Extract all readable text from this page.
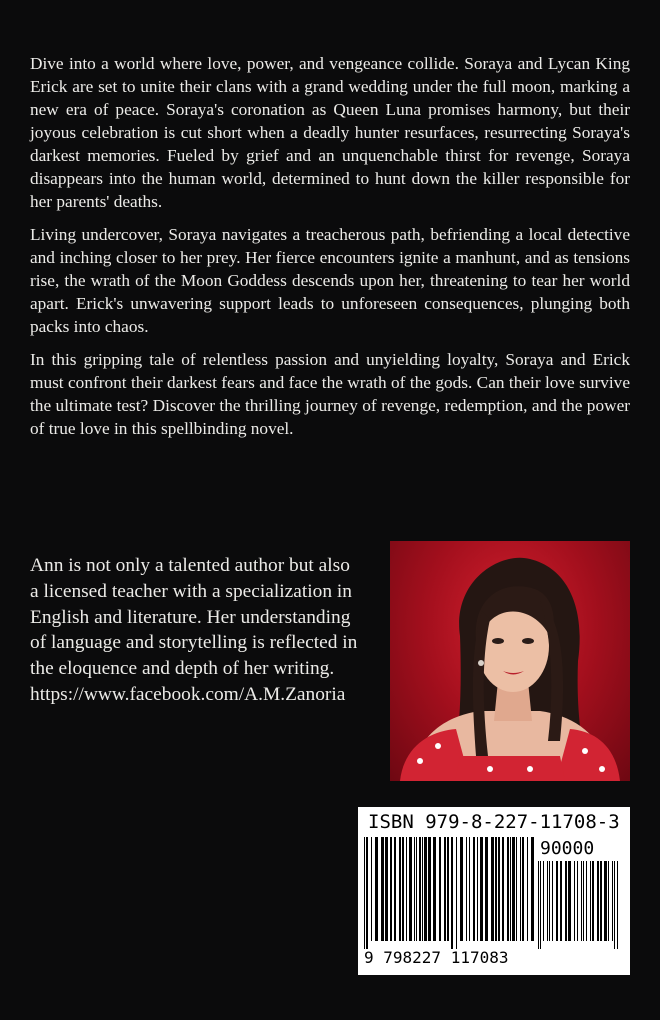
Dive into a world where love, power, and vengeance collide. Soraya and Lycan King Erick are set to unite their clans with a grand wedding under the full moon, marking a new era of peace. Soraya's coronation as Queen Luna promises harmony, but their joyous celebration is cut short when a deadly hunter resurfaces, resurrecting Soraya's darkest memories. Fueled by grief and an unquenchable thirst for revenge, Soraya disappears into the human world, determined to hunt down the killer responsible for her parents' deaths.

Living undercover, Soraya navigates a treacherous path, befriending a local detective and inching closer to her prey. Her fierce encounters ignite a manhunt, and as tensions rise, the wrath of the Moon Goddess descends upon her, threatening to tear her world apart. Erick's unwavering support leads to unforeseen consequences, plunging both packs into chaos.

In this gripping tale of relentless passion and unyielding loyalty, Soraya and Erick must confront their darkest fears and face the wrath of the gods. Can their love survive the ultimate test? Discover the thrilling journey of revenge, redemption, and the power of true love in this spellbinding novel.

Ann is not only a talented author but also
a licensed teacher with a specialization in
English and literature. Her understanding
of language and storytelling is reflected in
the eloquence and depth of her writing.
https://www.facebook.com/A.M.Zanoria
ISBN 979-8-227-11708-3
90000
9 798227 117083
